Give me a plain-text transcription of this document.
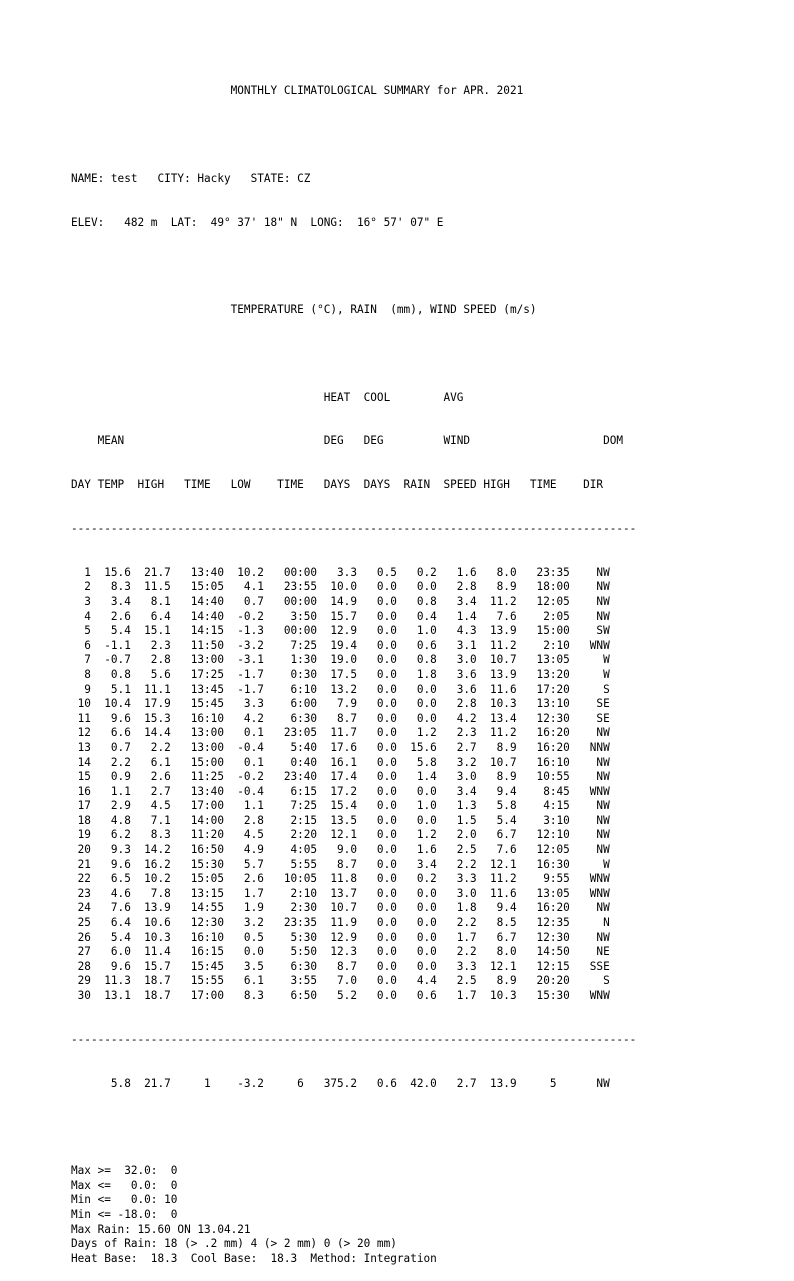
MONTHLY CLIMATOLOGICAL SUMMARY for APR. 2021

NAME: test   CITY: Hacky   STATE: CZ

ELEV:   482 m  LAT:  49° 37' 18" N  LONG:  16° 57' 07" E

TEMPERATURE (°C), RAIN  (mm), WIND SPEED (m/s)

HEAT  COOL        AVG

MEAN                              DEG   DEG         WIND                    DOM

DAY TEMP  HIGH   TIME   LOW    TIME   DAYS  DAYS  RAIN  SPEED HIGH   TIME    DIR

-------------------------------------------------------------------------------------

1  15.6  21.7   13:40  10.2   00:00   3.3   0.5   0.2   1.6   8.0   23:35    NW
2   8.3  11.5   15:05   4.1   23:55  10.0   0.0   0.0   2.8   8.9   18:00    NW
3   3.4   8.1   14:40   0.7   00:00  14.9   0.0   0.8   3.4  11.2   12:05    NW
4   2.6   6.4   14:40  -0.2    3:50  15.7   0.0   0.4   1.4   7.6    2:05    NW
5   5.4  15.1   14:15  -1.3   00:00  12.9   0.0   1.0   4.3  13.9   15:00    SW
6  -1.1   2.3   11:50  -3.2    7:25  19.4   0.0   0.6   3.1  11.2    2:10   WNW
7  -0.7   2.8   13:00  -3.1    1:30  19.0   0.0   0.8   3.0  10.7   13:05     W
8   0.8   5.6   17:25  -1.7    0:30  17.5   0.0   1.8   3.6  13.9   13:20     W
9   5.1  11.1   13:45  -1.7    6:10  13.2   0.0   0.0   3.6  11.6   17:20     S
10  10.4  17.9   15:45   3.3    6:00   7.9   0.0   0.0   2.8  10.3   13:10    SE
11   9.6  15.3   16:10   4.2    6:30   8.7   0.0   0.0   4.2  13.4   12:30    SE
12   6.6  14.4   13:00   0.1   23:05  11.7   0.0   1.2   2.3  11.2   16:20    NW
13   0.7   2.2   13:00  -0.4    5:40  17.6   0.0  15.6   2.7   8.9   16:20   NNW
14   2.2   6.1   15:00   0.1    0:40  16.1   0.0   5.8   3.2  10.7   16:10    NW
15   0.9   2.6   11:25  -0.2   23:40  17.4   0.0   1.4   3.0   8.9   10:55    NW
16   1.1   2.7   13:40  -0.4    6:15  17.2   0.0   0.0   3.4   9.4    8:45   WNW
17   2.9   4.5   17:00   1.1    7:25  15.4   0.0   1.0   1.3   5.8    4:15    NW
18   4.8   7.1   14:00   2.8    2:15  13.5   0.0   0.0   1.5   5.4    3:10    NW
19   6.2   8.3   11:20   4.5    2:20  12.1   0.0   1.2   2.0   6.7   12:10    NW
20   9.3  14.2   16:50   4.9    4:05   9.0   0.0   1.6   2.5   7.6   12:05    NW
21   9.6  16.2   15:30   5.7    5:55   8.7   0.0   3.4   2.2  12.1   16:30     W
22   6.5  10.2   15:05   2.6   10:05  11.8   0.0   0.2   3.3  11.2    9:55   WNW
23   4.6   7.8   13:15   1.7    2:10  13.7   0.0   0.0   3.0  11.6   13:05   WNW
24   7.6  13.9   14:55   1.9    2:30  10.7   0.0   0.0   1.8   9.4   16:20    NW
25   6.4  10.6   12:30   3.2   23:35  11.9   0.0   0.0   2.2   8.5   12:35     N
26   5.4  10.3   16:10   0.5    5:30  12.9   0.0   0.0   1.7   6.7   12:30    NW
27   6.0  11.4   16:15   0.0    5:50  12.3   0.0   0.0   2.2   8.0   14:50    NE
28   9.6  15.7   15:45   3.5    6:30   8.7   0.0   0.0   3.3  12.1   12:15   SSE
29  11.3  18.7   15:55   6.1    3:55   7.0   0.0   4.4   2.5   8.9   20:20     S
30  13.1  18.7   17:00   8.3    6:50   5.2   0.0   0.6   1.7  10.3   15:30   WNW

-------------------------------------------------------------------------------------

5.8  21.7     1    -3.2     6   375.2   0.6  42.0   2.7  13.9     5      NW

Max >=  32.0:  0
Max <=   0.0:  0
Min <=   0.0: 10
Min <= -18.0:  0
Max Rain: 15.60 ON 13.04.21
Days of Rain: 18 (> .2 mm) 4 (> 2 mm) 0 (> 20 mm)
Heat Base:  18.3  Cool Base:  18.3  Method: Integration
